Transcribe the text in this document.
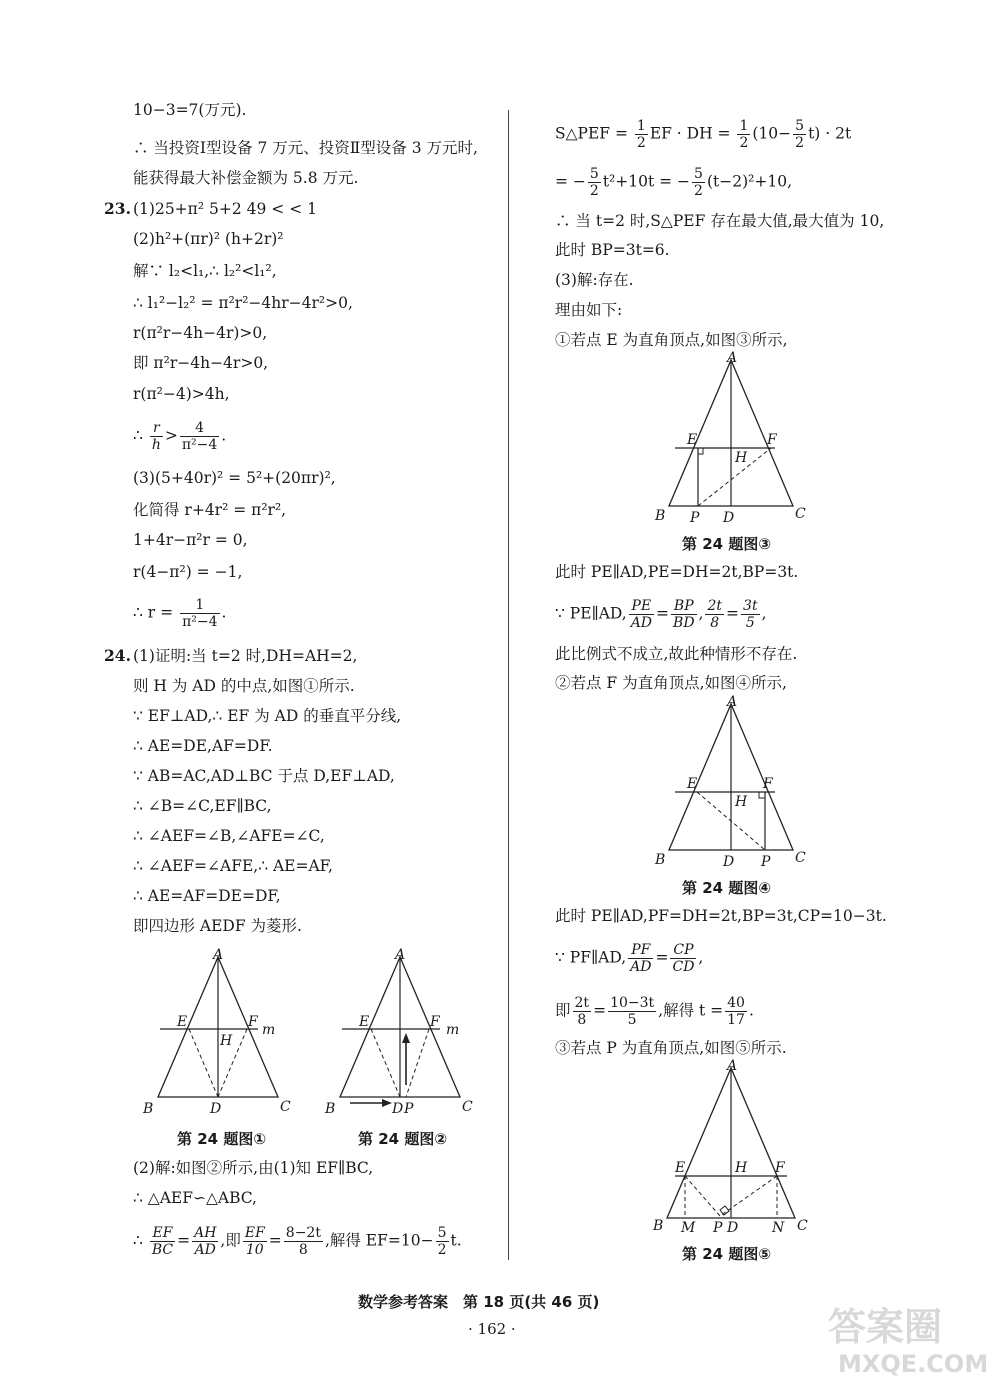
10−3=7(万元).
∴ 当投资Ⅰ型设备 7 万元、投资Ⅱ型设备 3 万元时,
能获得最大补偿金额为 5.8 万元.
23. (1)25+π² 5+2 49 < < 1
(2)h²+(πr)² (h+2r)²
解∵ l₂<l₁,∴ l₂²<l₁²,
∴ l₁²−l₂² = π²r²−4hr−4r²>0,
r(π²r−4h−4r)>0,
即 π²r−4h−4r>0,
r(π²−4)>4h,
∴ $\frac{r}{h} > \frac{4}{\text{π²−4}}$ .
(3)(5+40r)² = 5²+(20πr)²,
化简得 r+4r² = π²r²,
1+4r−π²r = 0,
r(4−π²) = −1,
∴ $r = \frac{1}{\text{π²−4}}$ .
24. (1)证明:当 t=2 时,DH=AH=2,
则 H 为 AD 的中点,如图①所示.
∵ EF⊥AD,∴ EF 为 AD 的垂直平分线,
∴ AE=DE,AF=DF.
∵ AB=AC,AD⊥BC 于点 D,EF⊥AD,
∴ ∠B=∠C,EF∥BC,
∴ ∠AEF=∠B,∠AFE=∠C,
∴ ∠AEF=∠AFE,∴ AE=AF,
∴ AE=AF=DE=DF,
即四边形 AEDF 为菱形.
A
E	F m
H
B	D	C
第 24 题图①
A
E	F m
B	D P	C
第 24 题图②
(2)解:如图②所示,由(1)知 EF∥BC,
∴ △AEF∽△ABC,
∴ $\frac{EF}{BC} = \frac{AH}{AD}$ ,即 $\frac{EF}{10} = \frac{8-2t}{8}$ ,解得 $EF=10- \frac{5}{2} t$.
S△PEF = $\frac{1}{2}$ EF · DH = $\frac{1}{2} (10- \frac{5}{2} t) \cdot 2t$
= − $\frac{5}{2} t^2+10t$ = − $\frac{5}{2} (t-2)^2+10$,
∴ 当 t=2 时,S△PEF 存在最大值,最大值为 10,
此时 BP=3t=6.
(3)解:存在.
理由如下:
①若点 E 为直角顶点,如图③所示,
A
E	F
H
B P D	C
第 24 题图③
此时 PE∥AD,PE=DH=2t,BP=3t.
∵ PE∥AD, $\frac{PE}{AD} = \frac{BP}{BD}$ , $\frac{2t}{8} = \frac{3t}{5}$ ,
此比例式不成立,故此种情形不存在.
②若点 F 为直角顶点,如图④所示,
A
E	F
H
B	D P C
第 24 题图④
此时 PE∥AD,PF=DH=2t,BP=3t,CP=10−3t.
∵ PF∥AD, $\frac{PF}{AD} = \frac{CP}{CD}$ ,
即 $\frac{2t}{8} = \frac{10-3t}{5}$ ,解得 $t = \frac{40}{17}$ .
③若点 P 为直角顶点,如图⑤所示.
A
E	H F
B M P D N C
第 24 题图⑤
数学参考答案　第 18 页(共 46 页)
· 162 ·	答案圈
MXQE.COM
